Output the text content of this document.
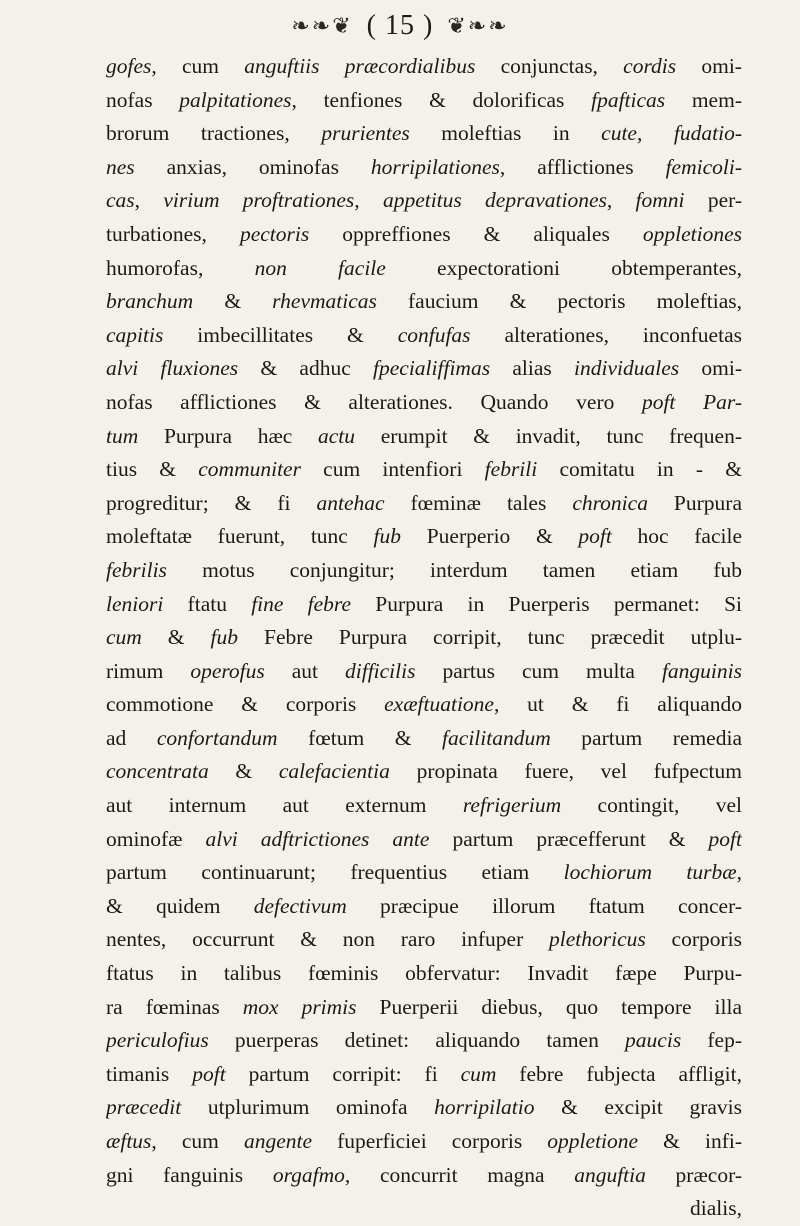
❧❧❦ ( 15 ) ❦❧❧
gofes, cum anguftiis præcordialibus conjunctas, cordis omi-
nofas palpitationes, tenfiones & dolorificas fpafticas mem-
brorum tractiones, prurientes moleftias in cute, fudatio-
nes anxias, ominofas horripilationes, afflictiones femicoli-
cas, virium proftrationes, appetitus depravationes, fomni per-
turbationes, pectoris oppreffiones & aliquales oppletiones
humorofas, non facile expectorationi obtemperantes,
branchum & rhevmaticas faucium & pectoris moleftias,
capitis imbecillitates & confufas alterationes, inconfuetas
alvi fluxiones & adhuc fpecialiffimas alias individuales omi-
nofas afflictiones & alterationes. Quando vero poft Par-
tum Purpura hæc actu erumpit & invadit, tunc frequen-
tius & communiter cum intenfiori febrili comitatu in - &
progreditur; & fi antehac fœminæ tales chronica Purpura
moleftatæ fuerunt, tunc fub Puerperio & poft hoc facile
febrilis motus conjungitur; interdum tamen etiam fub
leniori ftatu fine febre Purpura in Puerperis permanet: Si
cum & fub Febre Purpura corripit, tunc præcedit utplu-
rimum operofus aut difficilis partus cum multa fanguinis
commotione & corporis exæftuatione, ut & fi aliquando
ad confortandum fœtum & facilitandum partum remedia
concentrata & calefacientia propinata fuere, vel fufpectum
aut internum aut externum refrigerium contingit, vel
ominofæ alvi adftrictiones ante partum præcefferunt & poft
partum continuarunt; frequentius etiam lochiorum turbæ,
& quidem defectivum præcipue illorum ftatum concer-
nentes, occurrunt & non raro infuper plethoricus corporis
ftatus in talibus fœminis obfervatur: Invadit fæpe Purpu-
ra fœminas mox primis Puerperii diebus, quo tempore illa
periculofius puerperas detinet: aliquando tamen paucis fep-
timanis poft partum corripit: fi cum febre fubjecta affligit,
præcedit utplurimum ominofa horripilatio & excipit gravis
æftus, cum angente fuperficiei corporis oppletione & infi-
gni fanguinis orgafmo, concurrit magna anguftia præcor-
dialis,
